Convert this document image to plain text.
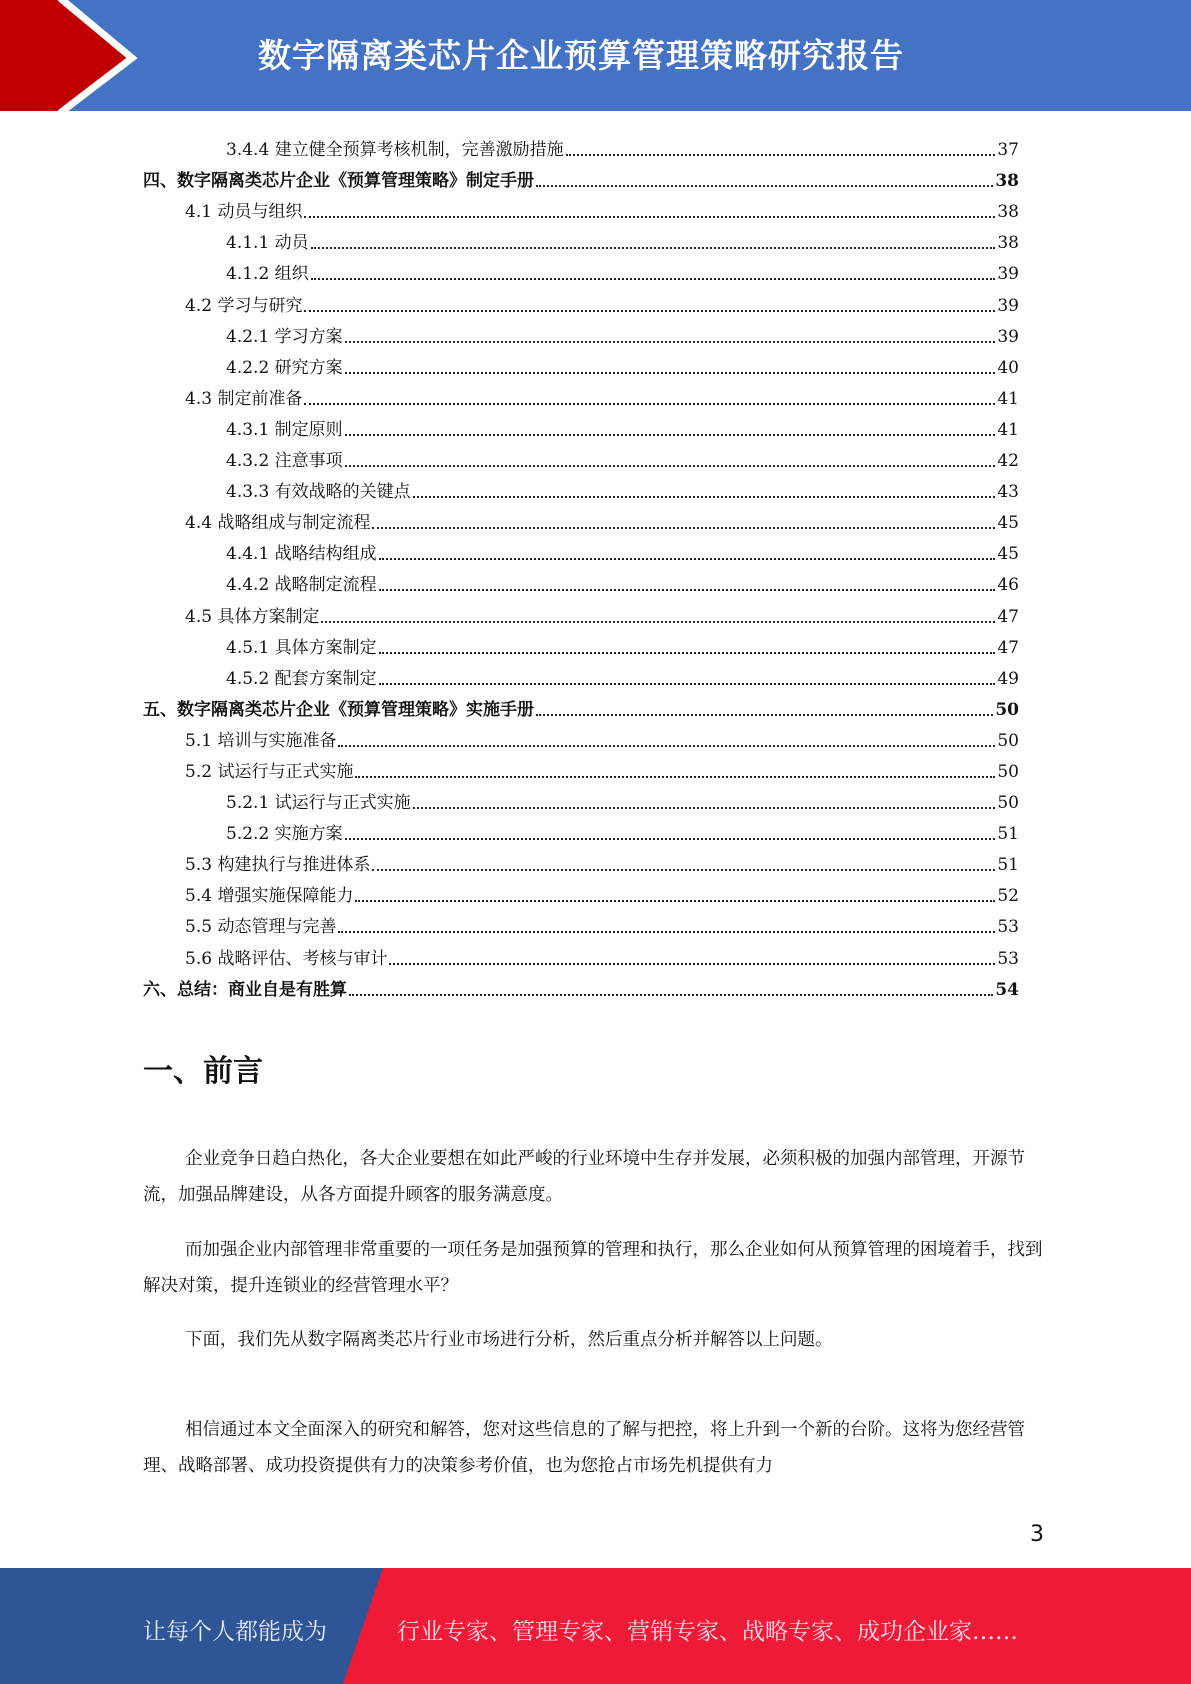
数字隔离类芯片企业预算管理策略研究报告
3.4.4 建立健全预算考核机制，完善激励措施	37
四、数字隔离类芯片企业《预算管理策略》制定手册	38
4.1 动员与组织	38
4.1.1 动员	38
4.1.2 组织	39
4.2 学习与研究	39
4.2.1 学习方案	39
4.2.2 研究方案	40
4.3 制定前准备	41
4.3.1 制定原则	41
4.3.2 注意事项	42
4.3.3 有效战略的关键点	43
4.4 战略组成与制定流程	45
4.4.1 战略结构组成	45
4.4.2 战略制定流程	46
4.5 具体方案制定	47
4.5.1 具体方案制定	47
4.5.2 配套方案制定	49
五、数字隔离类芯片企业《预算管理策略》实施手册	50
5.1 培训与实施准备	50
5.2 试运行与正式实施	50
5.2.1 试运行与正式实施	50
5.2.2 实施方案	51
5.3 构建执行与推进体系	51
5.4 增强实施保障能力	52
5.5 动态管理与完善	53
5.6 战略评估、考核与审计	53
六、总结：商业自是有胜算	54
一、前言
企业竞争日趋白热化，各大企业要想在如此严峻的行业环境中生存并发展，必须积极的加强内部管理，开源节流，加强品牌建设，从各方面提升顾客的服务满意度。
而加强企业内部管理非常重要的一项任务是加强预算的管理和执行，那么企业如何从预算管理的困境着手，找到解决对策，提升连锁业的经营管理水平？
下面，我们先从数字隔离类芯片行业市场进行分析，然后重点分析并解答以上问题。
相信通过本文全面深入的研究和解答，您对这些信息的了解与把控，将上升到一个新的台阶。这将为您经营管理、战略部署、成功投资提供有力的决策参考价值，也为您抢占市场先机提供有力
3
让每个人都能成为	行业专家、管理专家、营销专家、战略专家、成功企业家……
